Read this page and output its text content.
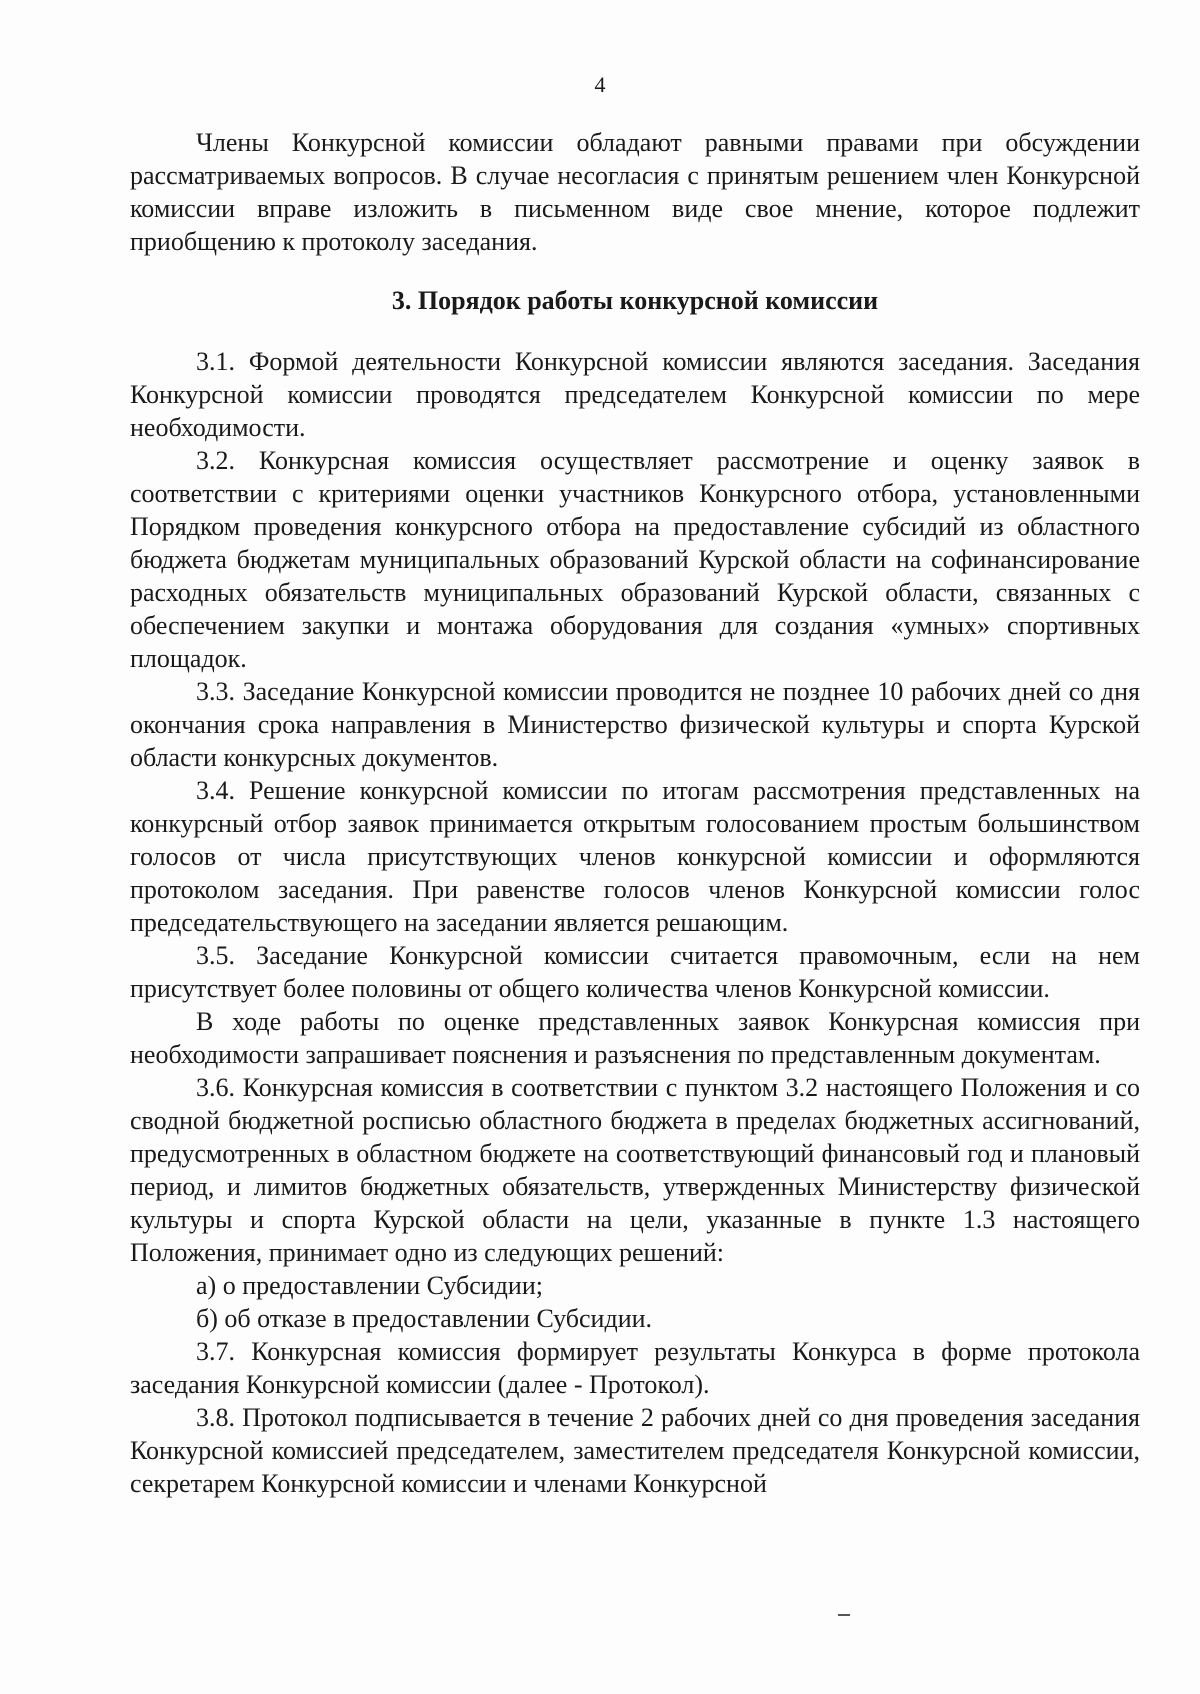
4

Члены Конкурсной комиссии обладают равными правами при обсуждении рассматриваемых вопросов. В случае несогласия с принятым решением член Конкурсной комиссии вправе изложить в письменном виде свое мнение, которое подлежит приобщению к протоколу заседания.

3. Порядок работы конкурсной комиссии

3.1. Формой деятельности Конкурсной комиссии являются заседания. Заседания Конкурсной комиссии проводятся председателем Конкурсной комиссии по мере необходимости.

3.2. Конкурсная комиссия осуществляет рассмотрение и оценку заявок в соответствии с критериями оценки участников Конкурсного отбора, установленными Порядком проведения конкурсного отбора на предоставление субсидий из областного бюджета бюджетам муниципальных образований Курской области на софинансирование расходных обязательств муниципальных образований Курской области, связанных с обеспечением закупки и монтажа оборудования для создания «умных» спортивных площадок.

3.3. Заседание Конкурсной комиссии проводится не позднее 10 рабочих дней со дня окончания срока направления в Министерство физической культуры и спорта Курской области конкурсных документов.

3.4. Решение конкурсной комиссии по итогам рассмотрения представленных на конкурсный отбор заявок принимается открытым голосованием простым большинством голосов от числа присутствующих членов конкурсной комиссии и оформляются протоколом заседания. При равенстве голосов членов Конкурсной комиссии голос председательствующего на заседании является решающим.

3.5. Заседание Конкурсной комиссии считается правомочным, если на нем присутствует более половины от общего количества членов Конкурсной комиссии.

В ходе работы по оценке представленных заявок Конкурсная комиссия при необходимости запрашивает пояснения и разъяснения по представленным документам.

3.6. Конкурсная комиссия в соответствии с пунктом 3.2 настоящего Положения и со сводной бюджетной росписью областного бюджета в пределах бюджетных ассигнований, предусмотренных в областном бюджете на соответствующий финансовый год и плановый период, и лимитов бюджетных обязательств, утвержденных Министерству физической культуры и спорта Курской области на цели, указанные в пункте 1.3 настоящего Положения, принимает одно из следующих решений:

а) о предоставлении Субсидии;

б) об отказе в предоставлении Субсидии.

3.7. Конкурсная комиссия формирует результаты Конкурса в форме протокола заседания Конкурсной комиссии (далее - Протокол).

3.8. Протокол подписывается в течение 2 рабочих дней со дня проведения заседания Конкурсной комиссией председателем, заместителем председателя Конкурсной комиссии, секретарем Конкурсной комиссии и членами Конкурсной
